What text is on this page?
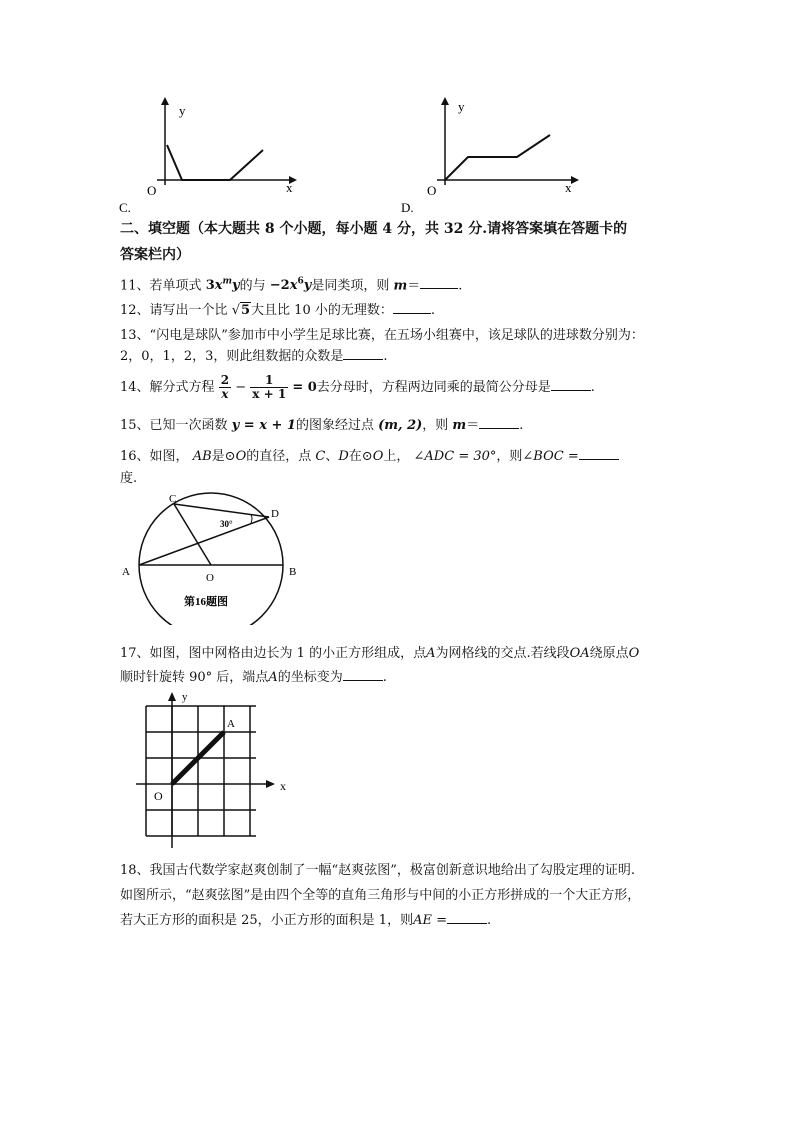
y
x
O
C.
y
x
O
D.
二、填空题（本大题共 8 个小题，每小题 4 分，共 32 分.请将答案填在答题卡的
答案栏内）
11、若单项式 $3x^my$的与 $-2x^6y$是同类项，则 m＝	.
12、请写出一个比 √5大且比 10 小的无理数：	.
13、“闪电是球队”参加市中小学生足球比赛，在五场小组赛中，该足球队的进球数分别为：
2，0，1，2，3，则此组数据的众数是	.
14、解分式方程 $\frac{2}{x} - \frac{1}{x + 1} = 0$去分母时，方程两边同乘的最简公分母是	.
15、已知一次函数 y = x + 1的图象经过点 (m, 2)，则 m＝	.
16、如图， AB是⊙O的直径，点 C、D在⊙O上， ∠ADC = 30°，则∠BOC =
度.
C
D
A	O	B
30°
第16题图
17、如图，图中网格由边长为 1 的小正方形组成，点A为网格线的交点.若线段OA绕原点O
顺时针旋转 90° 后，端点A的坐标变为	.
y
x
O
A
18、我国古代数学家赵爽创制了一幅“赵爽弦图”，极富创新意识地给出了勾股定理的证明.
如图所示，“赵爽弦图”是由四个全等的直角三角形与中间的小正方形拼成的一个大正方形，
若大正方形的面积是 25，小正方形的面积是 1，则AE =	.
